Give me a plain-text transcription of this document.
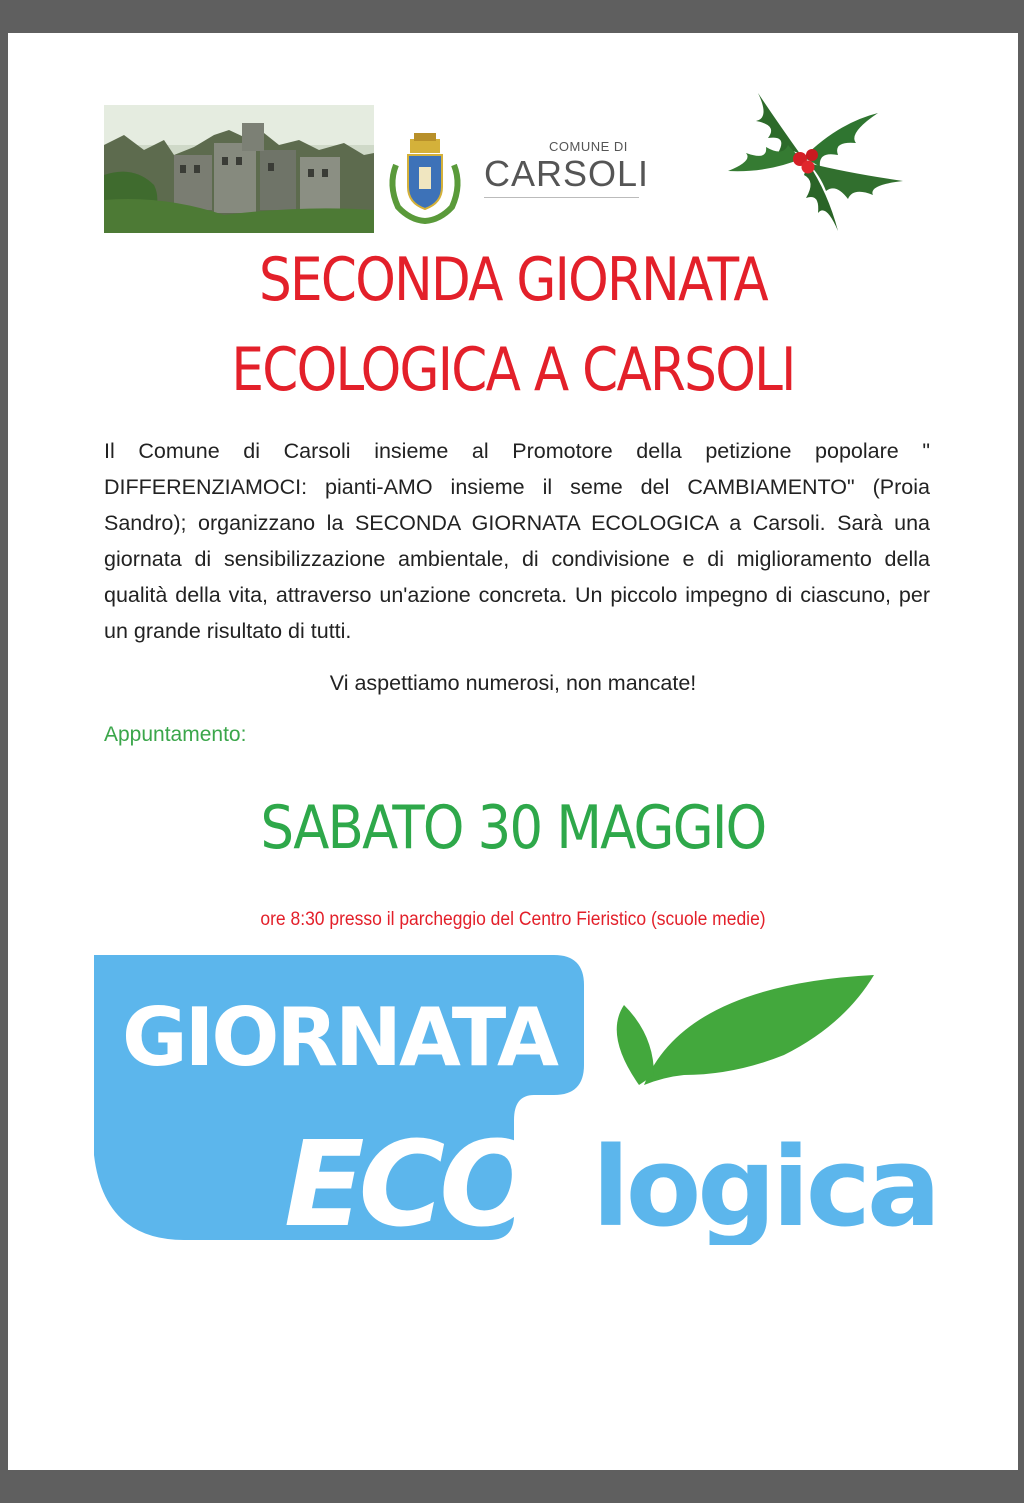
COMUNE DI
CARSOLI
SECONDA GIORNATA
ECOLOGICA A CARSOLI
Il Comune di Carsoli insieme al Promotore della petizione popolare " DIFFERENZIAMOCI: pianti-AMO insieme il seme del CAMBIAMENTO" (Proia Sandro); organizzano la SECONDA GIORNATA ECOLOGICA a Carsoli. Sarà una giornata di sensibilizzazione ambientale, di condivisione e di miglioramento della qualità della vita, attraverso un'azione concreta. Un piccolo impegno di ciascuno, per un grande risultato di tutti.
Vi aspettiamo numerosi, non mancate!
Appuntamento:
SABATO 30 MAGGIO
ore 8:30 presso il parcheggio del Centro Fieristico (scuole medie)
GIORNATA
ECO logica
